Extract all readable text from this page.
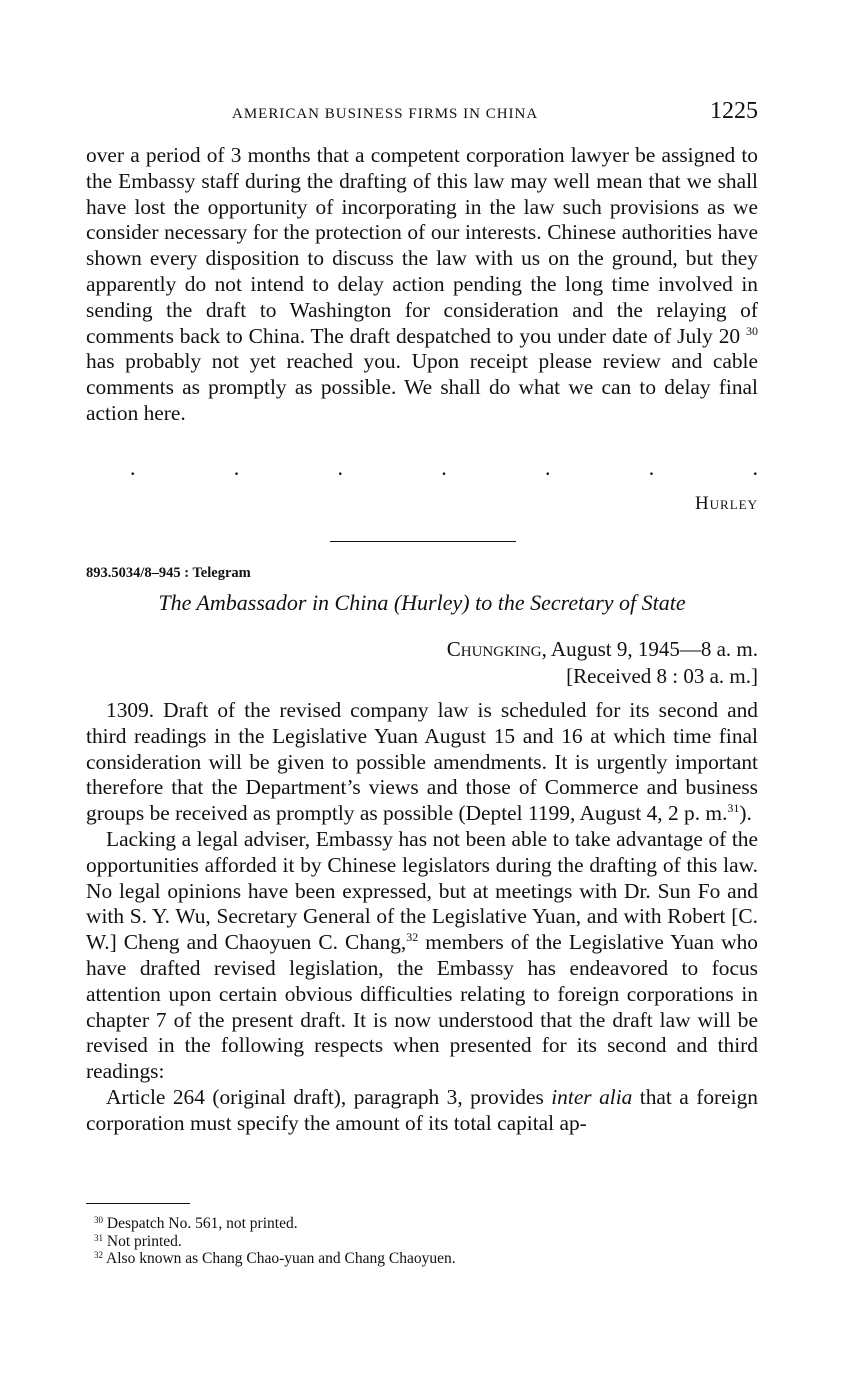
AMERICAN BUSINESS FIRMS IN CHINA	1225

over a period of 3 months that a competent corporation lawyer be assigned to the Embassy staff during the drafting of this law may well mean that we shall have lost the opportunity of incorporating in the law such provisions as we consider necessary for the protection of our interests. Chinese authorities have shown every disposition to discuss the law with us on the ground, but they apparently do not intend to delay action pending the long time involved in sending the draft to Washington for consideration and the relaying of comments back to China. The draft despatched to you under date of July 20 $^{30}$ has probably not yet reached you. Upon receipt please review and cable comments as promptly as possible. We shall do what we can to delay final action here.

.	.	.	.	.	.	.
Hurley
893.5034/8–945 : Telegram
The Ambassador in China (Hurley) to the Secretary of State
Chungking, August 9, 1945—8 a. m.
[Received 8 : 03 a. m.]

1309. Draft of the revised company law is scheduled for its second and third readings in the Legislative Yuan August 15 and 16 at which time final consideration will be given to possible amendments. It is urgently important therefore that the Department’s views and those of Commerce and business groups be received as promptly as possible (Deptel 1199, August 4, 2 p. m.$^{31}$).

Lacking a legal adviser, Embassy has not been able to take advantage of the opportunities afforded it by Chinese legislators during the drafting of this law. No legal opinions have been expressed, but at meetings with Dr. Sun Fo and with S. Y. Wu, Secretary General of the Legislative Yuan, and with Robert [C. W.] Cheng and Chaoyuen C. Chang,$^{32}$ members of the Legislative Yuan who have drafted revised legislation, the Embassy has endeavored to focus attention upon certain obvious difficulties relating to foreign corporations in chapter 7 of the present draft. It is now understood that the draft law will be revised in the following respects when presented for its second and third readings:

Article 264 (original draft), paragraph 3, provides inter alia that a foreign corporation must specify the amount of its total capital ap-

$^{30}$ Despatch No. 561, not printed.
$^{31}$ Not printed.
$^{32}$ Also known as Chang Chao-yuan and Chang Chaoyuen.
